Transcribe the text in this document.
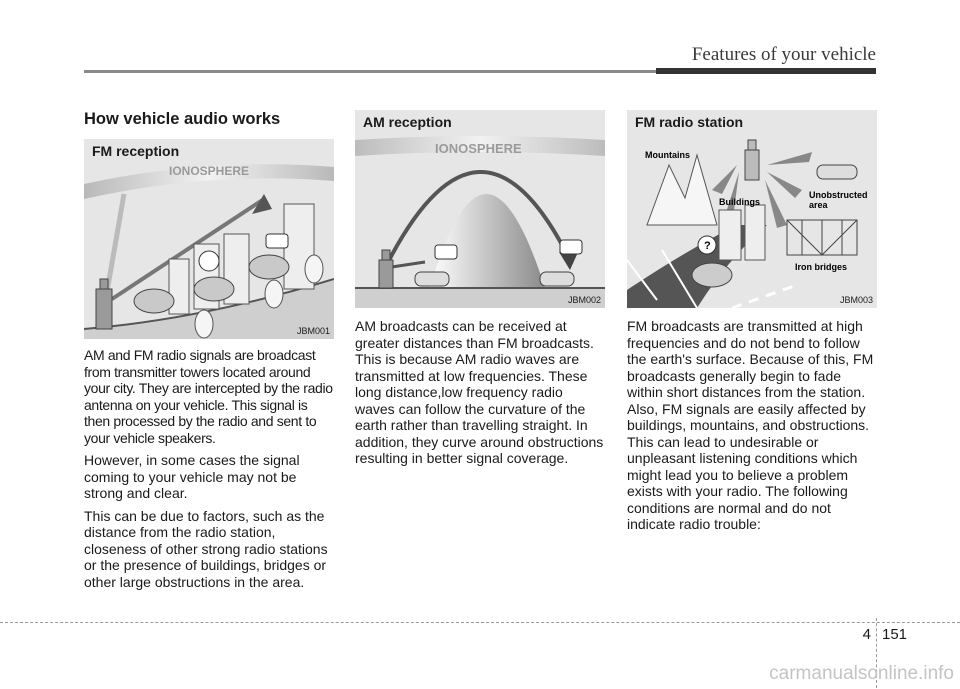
Features of your vehicle
How vehicle audio works
FM reception
IONOSPHERE
JBM001

AM and FM radio signals are broadcast from transmitter towers located around your city. They are intercepted by the radio antenna on your vehicle. This signal is then processed by the radio and sent to your vehicle speakers.

However, in some cases the signal coming to your vehicle may not be strong and clear.

This can be due to factors, such as the distance from the radio station, closeness of other strong radio stations or the presence of buildings, bridges or other large obstructions in the area.

AM reception
IONOSPHERE
JBM002

AM broadcasts can be received at greater distances than FM broadcasts. This is because AM radio waves are transmitted at low frequencies. These long distance,low frequency radio waves can follow the curvature of the earth rather than travelling straight. In addition, they curve around obstructions resulting in better signal coverage.

FM radio station
Mountains
Buildings
Unobstructed
area
Iron bridges
?
JBM003

FM broadcasts are transmitted at high frequencies and do not bend to follow the earth's surface. Because of this, FM broadcasts generally begin to fade within short distances from the station. Also, FM signals are easily affected by buildings, mountains, and obstructions. This can lead to undesirable or unpleasant listening conditions which might lead you to believe a problem exists with your radio. The following conditions are normal and do not indicate radio trouble:

4 151
carmanualsonline.info
